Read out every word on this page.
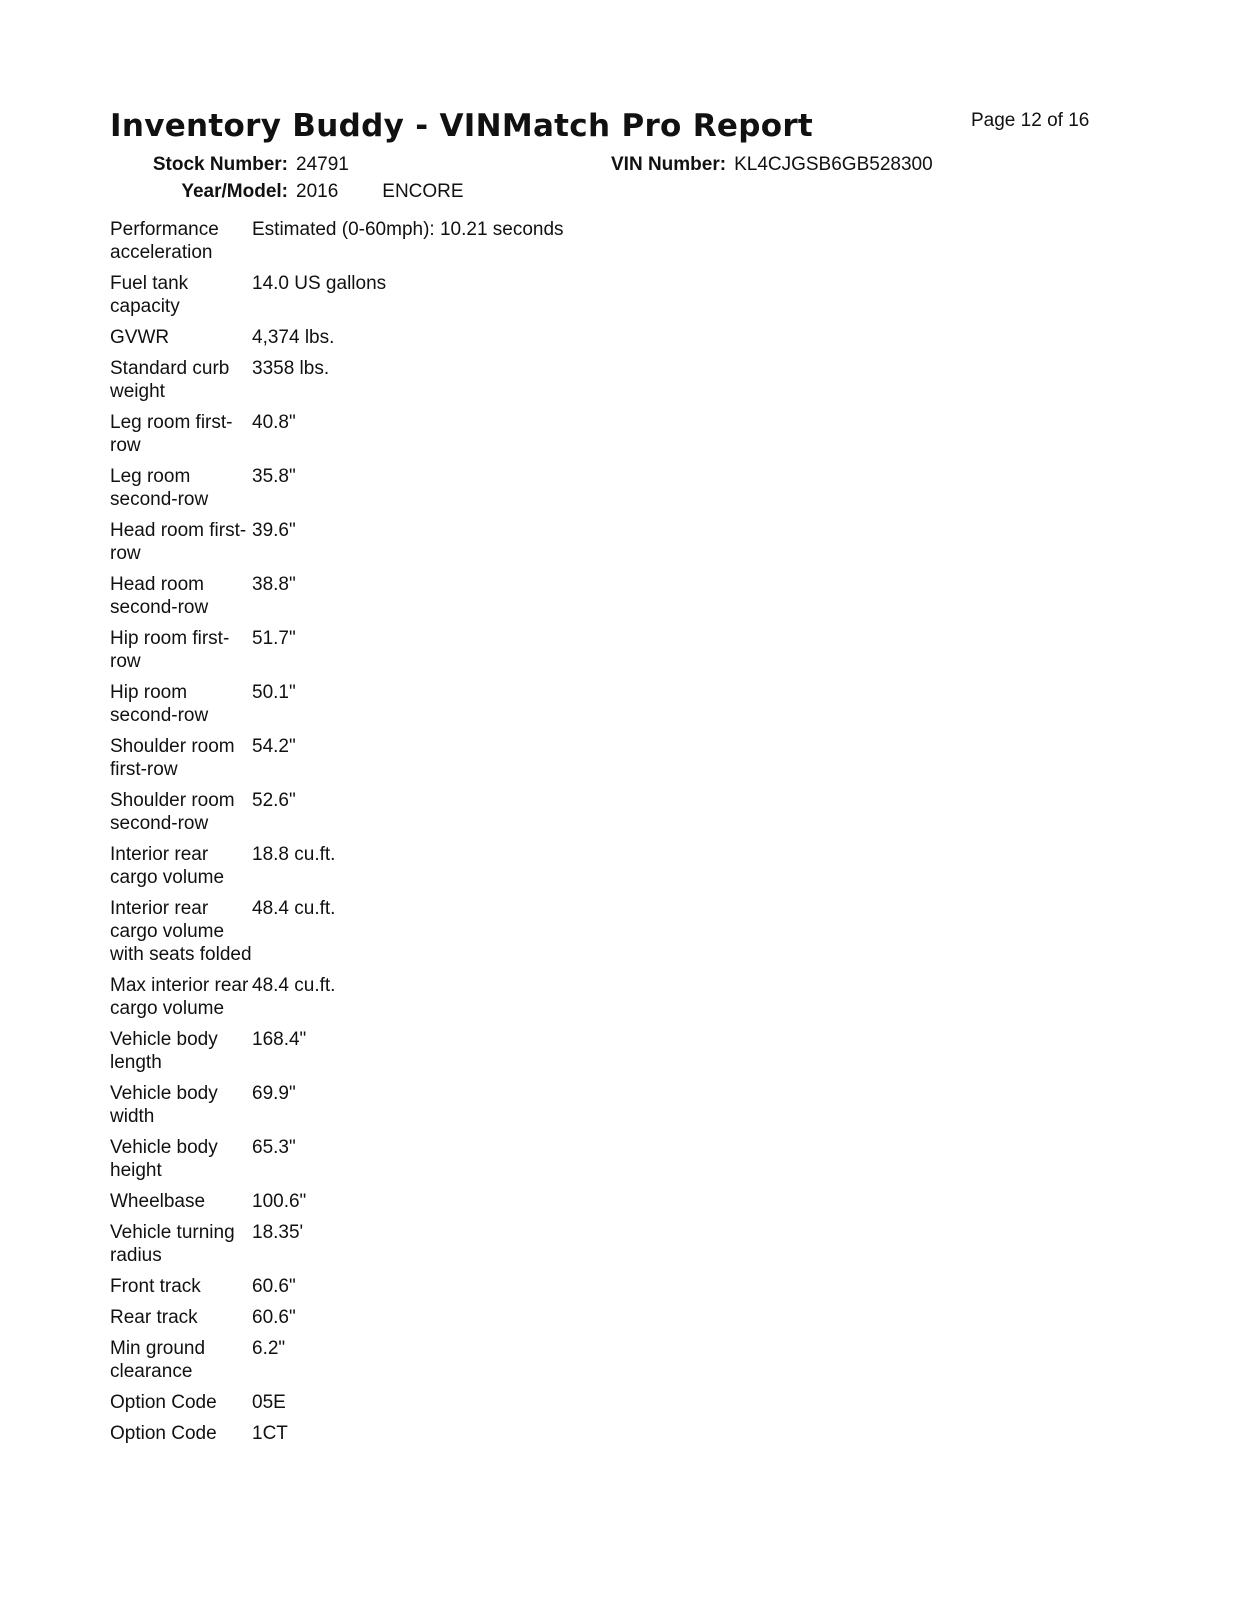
Inventory Buddy - VINMatch Pro Report	Page 12 of 16
Stock Number: 24791
Year/Model: 2016 ENCORE
VIN Number: KL4CJGSB6GB528300
Performance acceleration	Estimated (0-60mph): 10.21 seconds
Fuel tank capacity	14.0 US gallons
GVWR	4,374 lbs.
Standard curb weight	3358 lbs.
Leg room first-row	40.8"
Leg room second-row	35.8"
Head room first-row	39.6"
Head room second-row	38.8"
Hip room first-row	51.7"
Hip room second-row	50.1"
Shoulder room first-row	54.2"
Shoulder room second-row	52.6"
Interior rear cargo volume	18.8 cu.ft.
Interior rear cargo volume with seats folded	48.4 cu.ft.
Max interior rear cargo volume	48.4 cu.ft.
Vehicle body length	168.4"
Vehicle body width	69.9"
Vehicle body height	65.3"
Wheelbase	100.6"
Vehicle turning radius	18.35'
Front track	60.6"
Rear track	60.6"
Min ground clearance	6.2"
Option Code	05E
Option Code	1CT
